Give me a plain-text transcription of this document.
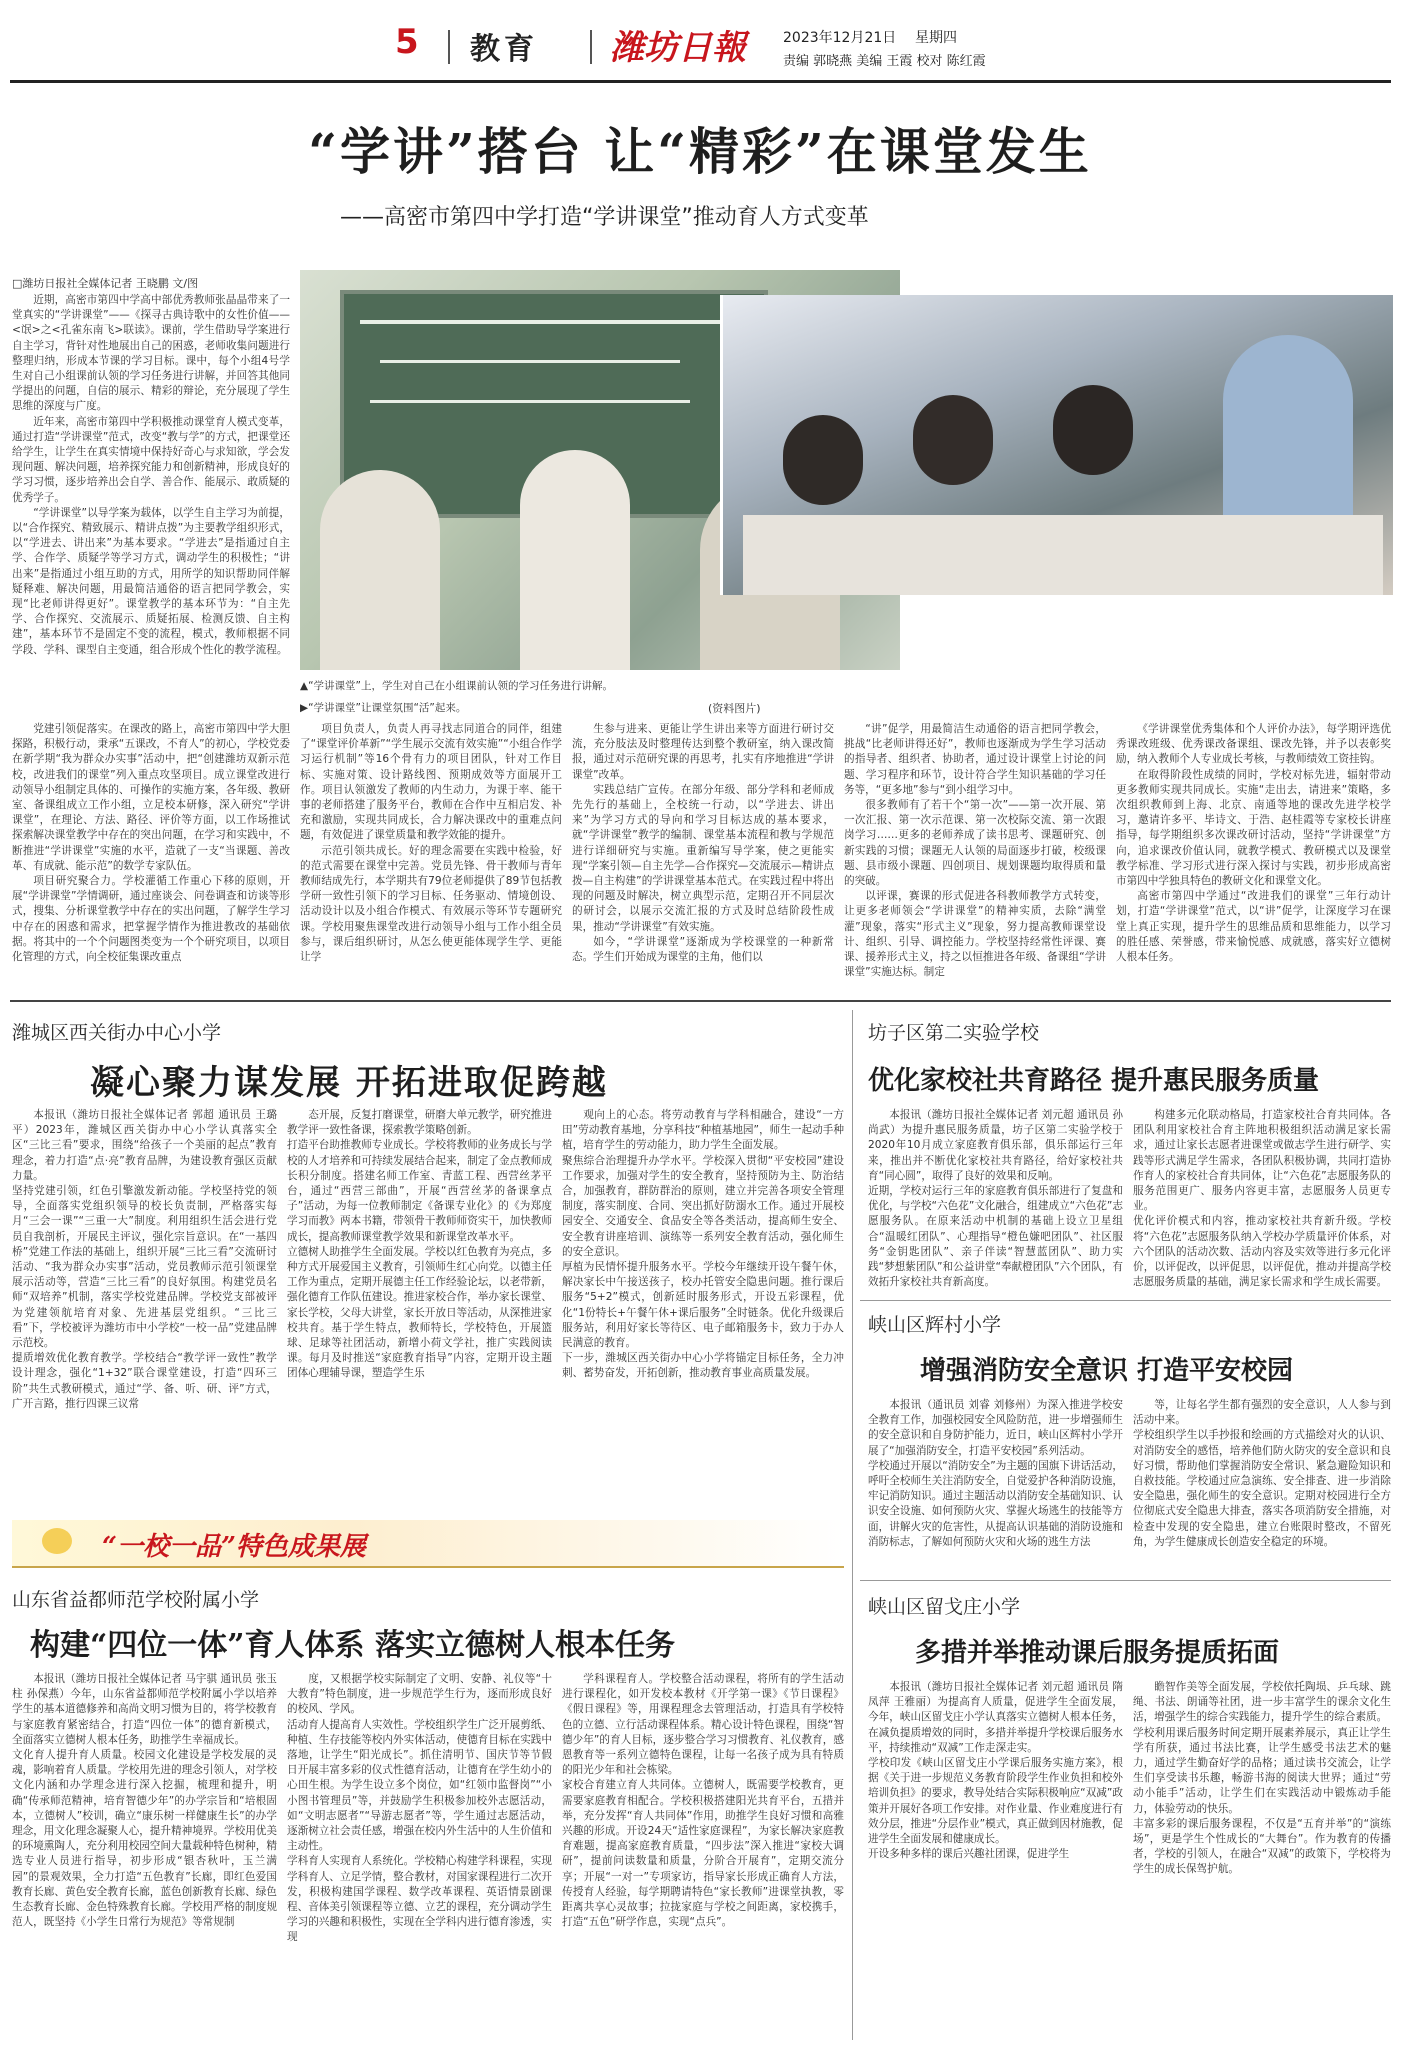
5 教育 潍坊日報	2023年12月21日 星期四
责编 郭晓燕 美编 王霞 校对 陈红霞
“学讲”搭台 让“精彩”在课堂发生
——高密市第四中学打造“学讲课堂”推动育人方式变革
□潍坊日报社全媒体记者 王晓鹏 文/图
▲“学讲课堂”上，学生对自己在小组课前认领的学习任务进行讲解。
▶“学讲课堂”让课堂氛围“活”起来。	(资料图片)

近期，高密市第四中学高中部优秀教师张晶晶带来了一堂真实的“学讲课堂”——《探寻古典诗歌中的女性价值——<氓>之<孔雀东南飞>联读》。课前，学生借助导学案进行自主学习，背针对性地展出自己的困惑，老师收集问题进行整理归纳，形成本节课的学习目标。课中，每个小组4号学生对自己小组课前认领的学习任务进行讲解，并回答其他同学提出的问题，自信的展示、精彩的辩论，充分展现了学生思维的深度与广度。

近年来，高密市第四中学积极推动课堂育人模式变革，通过打造“学讲课堂”范式，改变“教与学”的方式，把课堂还给学生，让学生在真实情境中保持好奇心与求知欲，学会发现问题、解决问题，培养探究能力和创新精神，形成良好的学习习惯，逐步培养出会自学、善合作、能展示、敢质疑的优秀学子。

“学讲课堂”以导学案为载体，以学生自主学习为前提，以“合作探究、精致展示、精讲点拨”为主要教学组织形式，以“学进去、讲出来”为基本要求。“学进去”是指通过自主学、合作学、质疑学等学习方式，调动学生的积极性；“讲出来”是指通过小组互助的方式，用所学的知识帮助同伴解疑释难、解决问题，用最简洁通俗的语言把同学教会，实现“比老师讲得更好”。课堂教学的基本环节为：“自主先学、合作探究、交流展示、质疑拓展、检测反馈、自主构建”，基本环节不是固定不变的流程，模式，教师根据不同学段、学科、课型自主变通，组合形成个性化的教学流程。

党建引领促落实。在课改的路上，高密市第四中学大胆探路，积极行动，秉承“五课改，不育人”的初心，学校党委在新学期“我为群众办实事”活动中，把“创建潍坊双新示范校，改进我们的课堂”列入重点攻坚项目。成立课堂改进行动领导小组制定具体的、可操作的实施方案，各年级、教研室、备课组成立工作小组，立足校本研修，深入研究“学讲课堂”，在理论、方法、路径、评价等方面，以工作场推试探索解决课堂教学中存在的突出问题，在学习和实践中，不断推进“学讲课堂”实施的水平，造就了一支“当课题、善改革、有成就、能示范”的数学专家队伍。

项目研究聚合力。学校灌循工作重心下移的原则，开展“学讲课堂”学情调研，通过座谈会、问卷调查和访谈等形式，搜集、分析课堂教学中存在的实出问题，了解学生学习中存在的困惑和需求，把掌握学情作为推进教改的基础依据。将其中的一个个问题图类变为一个个研究项目，以项目化管理的方式，向全校征集课改重点

项目负责人，负责人再寻找志同道合的同伴，组建了“课堂评价革新”“学生展示交流有效实施”“小组合作学习运行机制”等16个骨有力的项目团队，针对工作目标、实施对策、设计路线图、预期成效等方面展开工作。项目认领激发了教师的内生动力，为课于率、能干事的老师搭建了服务平台，教师在合作中互相启发、补充和激励，实现共同成长，合力解决课改中的重难点问题，有效促进了课堂质量和教学效能的提升。

示范引领共成长。好的理念需要在实践中检验，好的范式需要在课堂中完善。党员先锋、骨干教师与青年教师结成先行，本学期共有79位老师提供了89节包括教学研一致性引领下的学习目标、任务驱动、情境创设、活动设计以及小组合作模式、有效展示等环节专题研究课。学校用聚焦课堂改进行动领导小组与工作小组全员参与，课后组织研讨，从怎么使更能体现学生学、更能让学

生参与进来、更能让学生讲出来等方面进行研讨交流，充分肢法及时整理传达到整个教研室，纳入课改简报，通过对示范研究课的再思考，扎实有序地推进“学讲课堂”改革。

实践总结广宣传。在部分年级、部分学科和老师成先先行的基础上，全校统一行动，以“学进去、讲出来”为学习方式的导向和学习目标达成的基本要求，就“学讲课堂”教学的编制、课堂基本流程和教与学规范进行详细研究与实施。重新编写导学案，使之更能实现“学案引领—自主先学—合作探究—交流展示—精讲点拨—自主构建”的学讲课堂基本范式。在实践过程中将出现的问题及时解决，树立典型示范，定期召开不同层次的研讨会，以展示交流汇报的方式及时总结阶段性成果，推动“学讲课堂”有效实施。

如今，“学讲课堂”逐渐成为学校课堂的一种新常态。学生们开始成为课堂的主角，他们以

“讲”促学，用最简洁生动通俗的语言把同学教会，挑战“比老师讲得还好”，教师也逐渐成为学生学习活动的指导者、组织者、协助者，通过设计课堂上讨论的问题、学习程序和环节，设计符合学生知识基础的学习任务等，“更多地”参与“到小组学习中。

很多教师有了若干个“第一次”——第一次开展、第一次汇报、第一次示范课、第一次校际交流、第一次跟岗学习……更多的老师养成了读书思考、课题研究、创新实践的习惯；课题无人认领的局面逐步打破，校级课题、县市级小课题、四创项目、规划课题均取得质和量的突破。

以评课，赛课的形式促进各科教师教学方式转变，让更多老师领会“学讲课堂”的精神实质，去除“满堂灌”现象，落实“形式主义”现象，努力提高教师课堂设计、组织、引导、调控能力。学校坚持经常性评课、赛课、援养形式主义，持之以恒推进各年级、备课组“学讲课堂”实施达标。制定

《学讲课堂优秀集体和个人评价办法》，每学期评选优秀课改班级、优秀课改备课组、课改先锋，并予以表彰奖励，纳入教师个人专业成长考核，与教师绩效工资挂钩。

在取得阶段性成绩的同时，学校对标先进，辐射带动更多教师实现共同成长。实施“走出去，请进来”策略，多次组织教师到上海、北京、南通等地的课改先进学校学习，邀请许多平、毕诗文、于浩、赵桂霞等专家校长讲座指导，每学期组织多次课改研讨活动，坚持“学讲课堂”方向，追求课改价值认同，就教学模式、教研模式以及课堂教学标准、学习形式进行深入探讨与实践，初步形成高密市第四中学独具特色的教研文化和课堂文化。

高密市第四中学通过“改进我们的课堂”三年行动计划，打造“学讲课堂”范式，以“讲”促学，让深度学习在课堂上真正实现，提升学生的思维品质和思维能力，以学习的胜任感、荣誉感，带来愉悦感、成就感，落实好立德树人根本任务。

潍城区西关街办中心小学
凝心聚力谋发展 开拓进取促跨越

本报讯（潍坊日报社全媒体记者 郭超 通讯员 王璐平）2023年，潍城区西关街办中心小学认真落实全区“三比三看”要求，围绕“给孩子一个美丽的起点”教育理念，着力打造“点·亮”教育品牌，为建设教育强区贡献力量。
坚持党建引领，红色引擎激发新动能。学校坚持党的领导，全面落实党组织领导的校长负责制，严格落实每月“三会一课”“三重一大”制度。利用组织生活会进行党员自我剖析，开展民主评议，强化宗旨意识。在“一基四桥”党建工作法的基础上，组织开展“三比三看”交流研讨活动、“我为群众办实事”活动，党员教师示范引领课堂展示活动等，营造“三比三看”的良好氛围。构建党员名师“双培养”机制，落实学校党建品牌。学校党支部被评为党建领航培育对象、先进基层党组织。“三比三看”下，学校被评为潍坊市中小学校“一校一品”党建品牌示范校。
提质增效优化教育教学。学校结合“教学评一致性”教学设计理念，强化“1+32”联合课堂建设，打造“四环三阶”共生式教研模式，通过“学、备、听、研、评”方式，广开言路，推行四课三议常

态开展，反复打磨课堂，研磨大单元教学，研究推进教学评一致性备课，探索教学策略创新。
打造平台助推教师专业成长。学校将教师的业务成长与学校的人才培养和可持续发展结合起来，制定了金点教师成长积分制度。搭建名师工作室、青蓝工程、西营丝茅平台，通过“西营三部曲”，开展“西营丝茅的备课拿点子”活动，为每一位教师制定《备课专业化》的《为郑度学习而教》两本书籍，带领骨干教师师资实干，加快教师成长，提高教师课堂教学效果和新课堂改革水平。
立德树人助推学生全面发展。学校以红色教育为亮点，多种方式开展爱国主义教育，引领师生红心向党。以德主任工作为重点，定期开展德主任工作经验论坛，以老带新，强化德育工作队伍建设。推进家校合作，举办家长课堂、家长学校，父母大讲堂，家长开放日等活动，从深推进家校共育。基于学生特点，教师特长，学校特色，开展篮球、足球等社团活动，新增小荷文学社，推广实践阅读课。每月及时推送“家庭教育指导”内容，定期开设主题团体心理辅导课，塑造学生乐

观向上的心态。将劳动教育与学科相融合，建设“一方田”劳动教育基地，分享科技“种植基地园”，师生一起动手种植，培育学生的劳动能力，助力学生全面发展。
聚焦综合治理提升办学水平。学校深入贯彻“平安校园”建设工作要求，加强对学生的安全教育，坚持预防为主、防治结合，加强教育，群防群治的原则，建立并完善各项安全管理制度，落实制度、合同、突出抓好防溺水工作。通过开展校园安全、交通安全、食品安全等各类活动，提高师生安全、安全教育讲座培训、演练等一系列安全教育活动，强化师生的安全意识。
厚植为民情怀提升服务水平。学校今年继续开设午餐午休，解决家长中午接送孩子，校办托管安全隐患问题。推行课后服务“5+2”模式，创新延时服务形式，开设五彩课程，优化“1份特长+午餐午休+课后服务”全时链条。优化升级课后服务站，利用好家长等待区、电子邮箱服务卡，致力于办人民满意的教育。
下一步，潍城区西关街办中心小学将锚定目标任务，全力冲刺、蓄势奋发，开拓创新，推动教育事业高质量发展。

坊子区第二实验学校
优化家校社共育路径 提升惠民服务质量

本报讯（潍坊日报社全媒体记者 刘元超 通讯员 孙尚武）为提升惠民服务质量，坊子区第二实验学校于2020年10月成立家庭教育俱乐部，俱乐部运行三年来，推出并不断优化家校社共育路径，给好家校社共育“同心圆”，取得了良好的效果和反响。
近期，学校对运行三年的家庭教育俱乐部进行了复盘和优化，与学校“六色花”文化融合，组建成立“六色花”志愿服务队。在原来活动中机制的基础上设立卫星组合“温暖红团队”、心理指导“橙色嫌吧团队”、社区服务“金钥匙团队”、亲子伴读“智慧蓝团队”、助力实践“梦想紫团队”和公益讲堂“奉献橙团队”六个团队，有效拓升家校社共育新高度。

构建多元化联动格局，打造家校社合育共同体。各团队利用家校社合育主阵地积极组织活动满足家长需求，通过让家长志愿者进课堂或做志学生进行研学、实践等形式满足学生需求，各团队积极协调，共同打造协作育人的家校社合育共同体，让“六色花”志愿服务队的服务范围更广、服务内容更丰富，志愿服务人员更专业。
优化评价模式和内容，推动家校社共育新升级。学校将“六色花”志愿服务队纳入学校办学质量评价体系，对六个团队的活动次数、活动内容及实效等进行多元化评价，以评促改，以评促思，以评促优，推动并提高学校志愿服务质量的基础，满足家长需求和学生成长需要。

峡山区辉村小学
增强消防安全意识 打造平安校园

本报讯（通讯员 刘睿 刘修州）为深入推进学校安全教育工作，加强校园安全风险防范，进一步增强师生的安全意识和自身防护能力，近日，峡山区辉村小学开展了“加强消防安全，打造平安校园”系列活动。
学校通过开展以“消防安全”为主题的国旗下讲话活动，呼吁全校师生关注消防安全，自觉爱护各种消防设施，牢记消防知识。通过主题活动以消防安全基础知识、认识安全设施、如何预防火灾、掌握火场逃生的技能等方面，讲解火灾的危害性，从提高认识基础的消防设施和消防标志，了解如何预防火灾和火场的逃生方法

等，让每名学生都有强烈的安全意识，人人参与到活动中来。
学校组织学生以手抄报和绘画的方式描绘对火的认识、对消防安全的感悟，培养他们防火防灾的安全意识和良好习惯，帮助他们掌握消防安全常识、紧急避险知识和自救技能。学校通过应急演练、安全排查、进一步消除安全隐患，强化师生的安全意识。定期对校园进行全方位彻底式安全隐患大排查，落实各项消防安全措施，对检查中发现的安全隐患，建立台账限时整改，不留死角，为学生健康成长创造安全稳定的环境。

峡山区留戈庄小学
多措并举推动课后服务提质拓面

本报讯（潍坊日报社全媒体记者 刘元超 通讯员 隋凤萍 王雅丽）为提高育人质量，促进学生全面发展，今年，峡山区留戈庄小学认真落实立德树人根本任务，在减负提质增效的同时，多措并举提升学校课后服务水平，持续推动“双减”工作走深走实。
学校印发《峡山区留戈庄小学课后服务实施方案》，根据《关于进一步规范义务教育阶段学生作业负担和校外培训负担》的要求，教导处结合实际积极响应“双减”政策并开展好各项工作安排。对作业量、作业难度进行有效分层，推进“分层作业”模式，真正做到因材施教，促进学生全面发展和健康成长。
开设多种多样的课后兴趣社团课，促进学生

瞻智作美等全面发展，学校依托陶埙、乒乓球、跳绳、书法、朗诵等社团，进一步丰富学生的课余文化生活，增强学生的综合实践能力，提升学生的综合素质。
学校利用课后服务时间定期开展素养展示，真正让学生学有所获，通过书法比赛，让学生感受书法艺术的魅力，通过学生勤奋好学的品格；通过读书交流会，让学生们享受读书乐趣，畅游书海的阅读大世界；通过“劳动小能手”活动，让学生们在实践活动中锻炼动手能力，体验劳动的快乐。
丰富多彩的课后服务课程，不仅是“五育并举”的“演练场”，更是学生个性成长的“大舞台”。作为教育的传播者，学校的引领人，在融合“双减”的政策下，学校将为学生的成长保驾护航。

“一校一品”特色成果展
山东省益都师范学校附属小学
构建“四位一体”育人体系 落实立德树人根本任务

本报讯（潍坊日报社全媒体记者 马宇骐 通讯员 张玉柱 孙保燕）今年，山东省益都师范学校附属小学以培养学生的基本道德修养和高尚文明习惯为目的，将学校教育与家庭教育紧密结合，打造“四位一体”的德育新模式，全面落实立德树人根本任务，助推学生幸福成长。
文化育人提升育人质量。校园文化建设是学校发展的灵魂，影响着育人质量。学校用先进的理念引领人，对学校文化内涵和办学理念进行深入挖掘，梳理和提升，明确“传承师范精神，培育智德少年”的办学宗旨和“培根固本，立德树人”校训，确立“康乐树一样健康生长”的办学理念，用文化理念凝聚人心，提升精神境界。学校用优美的环境熏陶人，充分利用校园空间大量载种特色树种，精选专业人员进行指导，初步形成“银杏秋叶，玉兰满园”的景观效果，全力打造“五色教育”长廊，即红色爱国教育长廊、黄色安全教育长廊，蓝色创新教育长廊、绿色生态教育长廊、金色特殊教育长廊。学校用严格的制度规范人，既坚持《小学生日常行为规范》等常规制

度，又根据学校实际制定了文明、安静、礼仪等“十大教育”特色制度，进一步规范学生行为，逐而形成良好的校风、学风。
活动育人提高育人实效性。学校组织学生广泛开展剪纸、种植、生存技能等校内外实体活动，使德育目标在实践中落地，让学生“阳光成长”。抓住清明节、国庆节等节假日开展丰富多彩的仪式性德育活动，让德育在学生幼小的心田生根。为学生设立多个岗位，如“红领巾监督岗”“小小图书管理员”等，并鼓励学生积极参加校外志愿活动，如“文明志愿者”“导游志愿者”等，学生通过志愿活动，逐渐树立社会责任感，增强在校内外生活中的人生价值和主动性。
学科育人实现育人系统化。学校精心构建学科课程，实现学科育人、立足学情，整合教材，对国家课程进行二次开发，积极构建国学课程、数学改革课程、英语情景剧课程、音体美引领课程等立德、立艺的课程，充分调动学生学习的兴趣和积极性，实现在全学科内进行德育渗透，实现

学科课程育人。学校整合活动课程，将所有的学生活动进行课程化，如开发校本教材《开学第一课》《节日课程》《假日课程》等，用课程理念去管理活动，打造具有学校特色的立德、立行活动课程体系。精心设计特色课程，围绕“智德少年”的育人目标，逐步整合学习习惯教育、礼仪教育，感恩教育等一系列立德特色课程，让每一名孩子成为具有特质的阳光少年和社会栋梁。
家校合育建立育人共同体。立德树人，既需要学校教育，更需要家庭教育相配合。学校积极搭建阳光共育平台，五措并举，充分发挥“育人共同体”作用，助推学生良好习惯和高雅兴趣的形成。开设24天“适性家庭课程”，为家长解决家庭教育难题，提高家庭教育质量，“四步法”深入推进“家校大调研”，提前问读数量和质量，分阶合开展育”，定期交流分享；开展“一对一”专项家访，指导家长形成正确育人方法，传授育人经验，每学期聘请特色“家长教师”进课堂执教，零距离共享心灵故事；拉拢家庭与学校之间距离，家校携手，打造“五色”研学作息，实现“点兵”。
